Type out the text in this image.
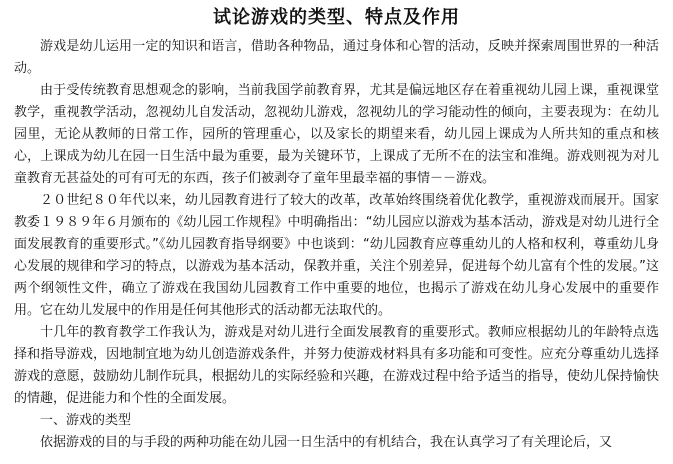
试论游戏的类型、特点及作用

游戏是幼儿运用一定的知识和语言，借助各种物品，通过身体和心智的活动，反映并探索周围世界的一种活动。

由于受传统教育思想观念的影响，当前我国学前教育界，尤其是偏远地区存在着重视幼儿园上课，重视课堂教学，重视教学活动，忽视幼儿自发活动，忽视幼儿游戏，忽视幼儿的学习能动性的倾向，主要表现为：在幼儿园里，无论从教师的日常工作，园所的管理重心，以及家长的期望来看，幼儿园上课成为人所共知的重点和核心，上课成为幼儿在园一日生活中最为重要，最为关键环节，上课成了无所不在的法宝和准绳。游戏则视为对儿童教育无甚益处的可有可无的东西，孩子们被剥夺了童年里最幸福的事情－－游戏。

２０世纪８０年代以来，幼儿园教育进行了较大的改革，改革始终围绕着优化教学，重视游戏而展开。国家教委１９８９年６月颁布的《幼儿园工作规程》中明确指出：“幼儿园应以游戏为基本活动，游戏是对幼儿进行全面发展教育的重要形式。”《幼儿园教育指导纲要》中也谈到：“幼儿园教育应尊重幼儿的人格和权利，尊重幼儿身心发展的规律和学习的特点，以游戏为基本活动，保教并重，关注个别差异，促进每个幼儿富有个性的发展。”这两个纲领性文件，确立了游戏在我国幼儿园教育工作中重要的地位，也揭示了游戏在幼儿身心发展中的重要作用。它在幼儿发展中的作用是任何其他形式的活动都无法取代的。

十几年的教育教学工作我认为，游戏是对幼儿进行全面发展教育的重要形式。教师应根据幼儿的年龄特点选择和指导游戏，因地制宜地为幼儿创造游戏条件，并努力使游戏材料具有多功能和可变性。应充分尊重幼儿选择游戏的意愿，鼓励幼儿制作玩具，根据幼儿的实际经验和兴趣，在游戏过程中给予适当的指导，使幼儿保持愉快的情趣，促进能力和个性的全面发展。

一、游戏的类型

依据游戏的目的与手段的两种功能在幼儿园一日生活中的有机结合，我在认真学习了有关理论后，又
